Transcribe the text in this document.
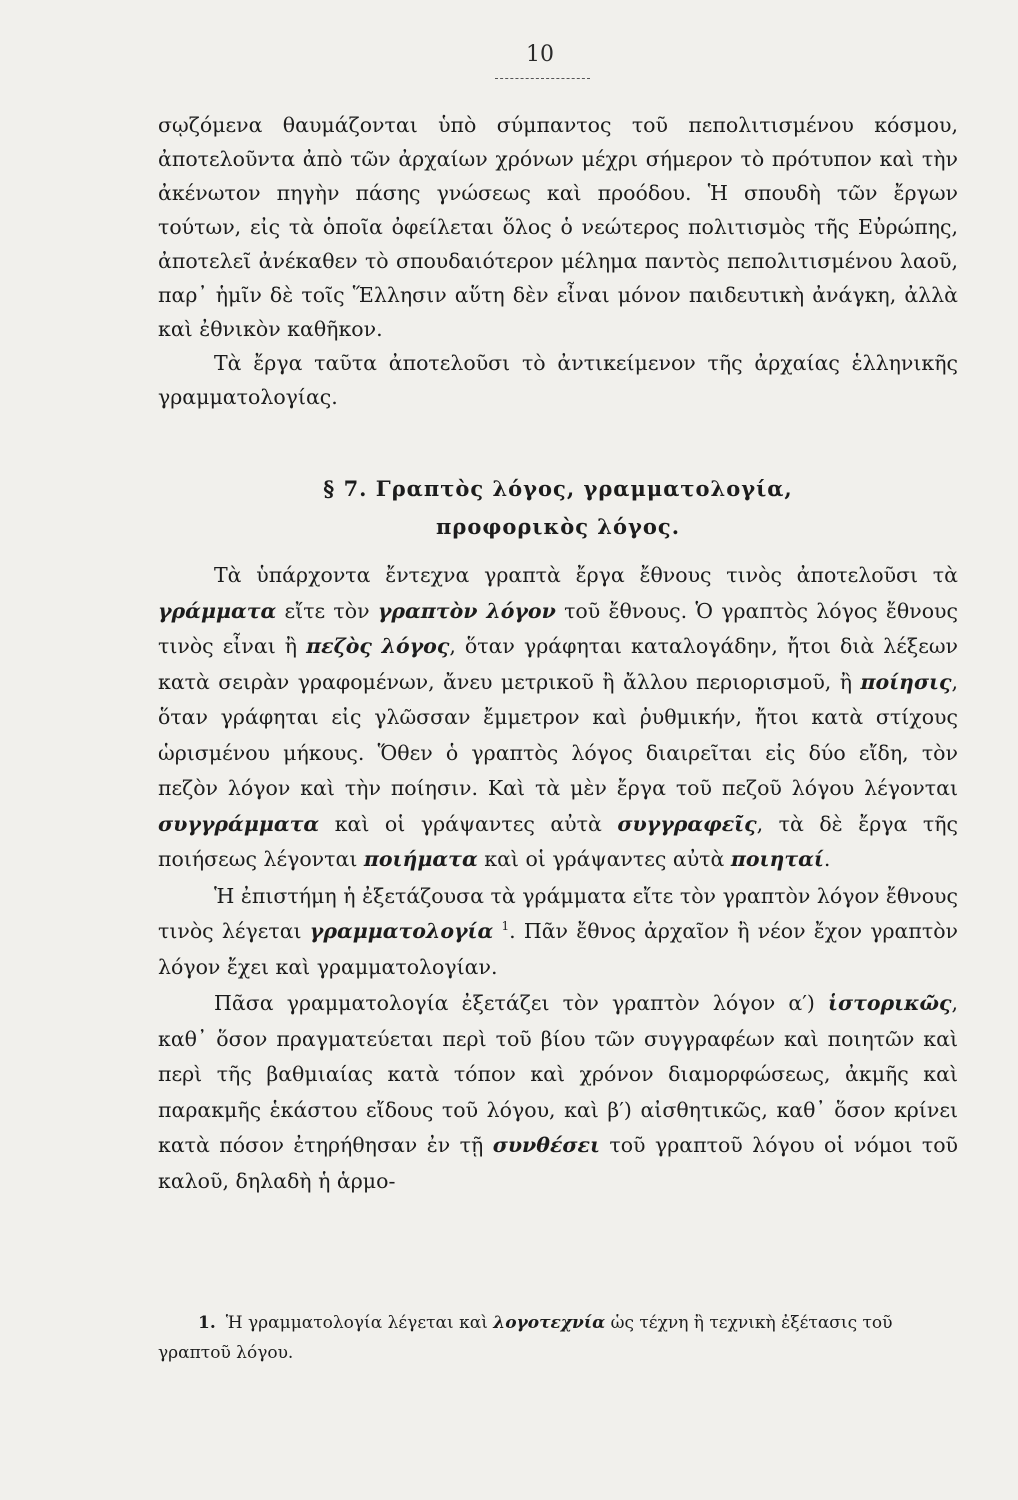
10

σῳζόμενα θαυμάζονται ὑπὸ σύμπαντος τοῦ πεπολιτισμένου κόσμου, ἀποτελοῦντα ἀπὸ τῶν ἀρχαίων χρόνων μέχρι σήμερον τὸ πρότυπον καὶ τὴν ἀκένωτον πηγὴν πάσης γνώσεως καὶ προόδου. Ἡ σπουδὴ τῶν ἔργων τούτων, εἰς τὰ ὁποῖα ὀφείλεται ὅλος ὁ νεώτερος πολιτισμὸς τῆς Εὐρώπης, ἀποτελεῖ ἀνέκαθεν τὸ σπουδαιότερον μέλημα παντὸς πεπολιτισμένου λαοῦ, παρ᾽ ἡμῖν δὲ τοῖς Ἕλλησιν αὕτη δὲν εἶναι μόνον παιδευτικὴ ἀνάγκη, ἀλλὰ καὶ ἐθνικὸν καθῆκον.

Τὰ ἔργα ταῦτα ἀποτελοῦσι τὸ ἀντικείμενον τῆς ἀρχαίας ἑλληνικῆς γραμματολογίας.

§ 7. Γραπτὸς λόγος, γραμματολογία,
προφορικὸς λόγος.

Τὰ ὑπάρχοντα ἔντεχνα γραπτὰ ἔργα ἔθνους τινὸς ἀποτελοῦσι τὰ γράμματα εἴτε τὸν γραπτὸν λόγον τοῦ ἔθνους. Ὁ γραπτὸς λόγος ἔθνους τινὸς εἶναι ἢ πεζὸς λόγος, ὅταν γράφηται καταλογάδην, ἤτοι διὰ λέξεων κατὰ σειρὰν γραφομένων, ἄνευ μετρικοῦ ἢ ἄλλου περιορισμοῦ, ἢ ποίησις, ὅταν γράφηται εἰς γλῶσσαν ἔμμετρον καὶ ῥυθμικήν, ἤτοι κατὰ στίχους ὡρισμένου μήκους. Ὅθεν ὁ γραπτὸς λόγος διαιρεῖται εἰς δύο εἴδη, τὸν πεζὸν λόγον καὶ τὴν ποίησιν. Καὶ τὰ μὲν ἔργα τοῦ πεζοῦ λόγου λέγονται συγγράμματα καὶ οἱ γράψαντες αὐτὰ συγγραφεῖς, τὰ δὲ ἔργα τῆς ποιήσεως λέγονται ποιήματα καὶ οἱ γράψαντες αὐτὰ ποιηταί.

Ἡ ἐπιστήμη ἡ ἐξετάζουσα τὰ γράμματα εἴτε τὸν γραπτὸν λόγον ἔθνους τινὸς λέγεται γραμματολογία $^1$. Πᾶν ἔθνος ἀρχαῖον ἢ νέον ἔχον γραπτὸν λόγον ἔχει καὶ γραμματολογίαν.

Πᾶσα γραμματολογία ἐξετάζει τὸν γραπτὸν λόγον α′) ἱστορικῶς, καθ᾽ ὅσον πραγματεύεται περὶ τοῦ βίου τῶν συγγραφέων καὶ ποιητῶν καὶ περὶ τῆς βαθμιαίας κατὰ τόπον καὶ χρόνον διαμορφώσεως, ἀκμῆς καὶ παρακμῆς ἑκάστου εἴδους τοῦ λόγου, καὶ β′) αἰσθητικῶς, καθ᾽ ὅσον κρίνει κατὰ πόσον ἐτηρήθησαν ἐν τῇ συνθέσει τοῦ γραπτοῦ λόγου οἱ νόμοι τοῦ καλοῦ, δηλαδὴ ἡ ἁρμο-

1. Ἡ γραμματολογία λέγεται καὶ λογοτεχνία ὡς τέχνη ἢ τεχνικὴ ἐξέτασις τοῦ γραπτοῦ λόγου.
